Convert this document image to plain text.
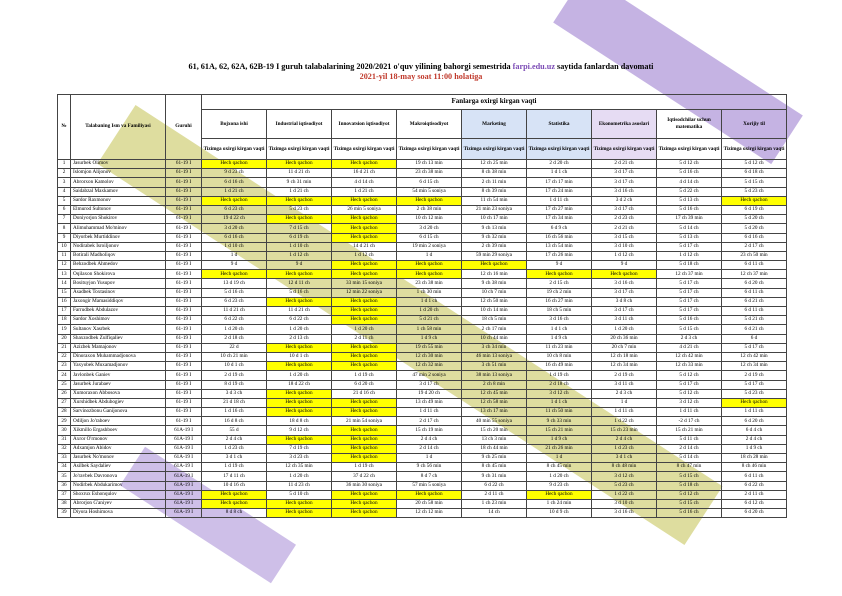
61, 61A, 62, 62A, 62B-19 I guruh talabalarining 2020/2021 o'quv yilining bahorgi semestrida farpi.edu.uz saytida fanlardan davomati
2021-yil 18-may soat 11:00 holatiga
№	Talabaning Ism va Familiyasi	Guruhi	Fanlarga oxirgi kirgan vaqti								
			Bojxona ishi	Industrial iqtisodiyot	Innovatsion iqtisodiyot	Makroiqtisodiyot	Marketing	Statistika	Ekonometrika asoslari	Iqtisodchilar uchun matematika	Xorijiy til
			Tizimga oxirgi kirgan vaqti	Tizimga oxirgi kirgan vaqti	Tizimga oxirgi kirgan vaqti	Tizimga oxirgi kirgan vaqti	Tizimga oxirgi kirgan vaqti	Tizimga oxirgi kirgan vaqti	Tizimga oxirgi kirgan vaqti	Tizimga oxirgi kirgan vaqti	Tizimga oxirgi kirgan vaqti
1	Jasurbek Olimov	61-19 I	Hech qachon	Hech qachon	Hech qachon	19 ch 13 min	12 ch 25 min	2 d 20 ch	2 d 21 ch	5 d 12 ch	5 d 12 ch
2	Islomjon Alijonov	61-19 I	9 d 23 ch	11 d 21 ch	16 d 21 ch	23 ch 38 min	8 ch 38 min	1 d 1 ch	3 d 17 ch	5 d 16 ch	6 d 18 ch
3	Abrorxon Kamolov	61-19 I	6 d 16 ch	9 ch 31 min	4 d 14 ch	6 d 15 ch	2 ch 11 min	17 ch 17 min	3 d 17 ch	4 d 14 ch	5 d 15 ch
4	Saidabzal Maxkamov	61-19 I	1 d 21 ch	1 d 21 ch	1 d 21 ch	54 min 5 soniya	8 ch 39 min	17 ch 24 min	3 d 16 ch	5 d 22 ch	5 d 23 ch
5	Sardor Raxmonov	61-19 I	Hech qachon	Hech qachon	Hech qachon	Hech qachon	11 ch 54 min	1 d 11 ch	3 d 2 ch	5 d 13 ch	Hech qachon
6	Elmurod Sultonov	61-19 I	6 d 23 ch	5 d 23 ch	26 min 5 soniya	2 ch 38 min	21 min 23 soniya	17 ch 27 min	3 d 17 ch	5 d 16 ch	6 d 19 ch
7	Doniyorjon Shokirov	61-19 I	19 d 22 ch	Hech qachon	Hech qachon	10 ch 12 min	10 ch 17 min	17 ch 34 min	2 d 23 ch	17 ch 39 min	5 d 20 ch
8	Alimuhammad Mo'minov	61-19 I	3 d 20 ch	7 d 15 ch	Hech qachon	3 d 20 ch	9 ch 13 min	6 d 9 ch	2 d 21 ch	5 d 14 ch	5 d 20 ch
9	Diyorbek Murtiddinov	61-19 I	6 d 16 ch	6 d 19 ch	Hech qachon	6 d 15 ch	9 ch 32 min	16 ch 56 min	3 d 15 ch	5 d 13 ch	6 d 16 ch
10	Nodirabek Isroiljonov	61-19 I	1 d 10 ch	1 d 10 ch	14 d 21 ch	19 min 2 soniya	2 ch 39 min	13 ch 54 min	3 d 10 ch	5 d 17 ch	2 d 17 ch
11	Botirali Madholiqov	61-19 I	1 d	1 d 12 ch	1 d 12 ch	1 d	59 min 29 soniya	17 ch 26 min	1 d 12 ch	1 d 12 ch	23 ch 50 min
12	Behzodbek Ahmedov	61-19 I	9 d	9 d	Hech qachon	Hech qachon	Hech qachon	9 d	9 d	5 d 18 ch	6 d 11 ch
13	Oqilaxon Shokirova	61-19 I	Hech qachon	Hech qachon	Hech qachon	Hech qachon	12 ch 16 min	Hech qachon	Hech qachon	12 ch 37 min	12 ch 37 min
14	Bosituyjon Yusupov	61-19 I	13 d 19 ch	12 d 11 ch	33 min 15 soniya	23 ch 38 min	9 ch 38 min	2 d 15 ch	3 d 16 ch	5 d 17 ch	6 d 20 ch
15	Asadbek Toxtasinov	61-19 I	5 d 16 ch	5 d 16 ch	12 min 22 soniya	1 ch 30 min	10 ch 7 min	19 ch 2 min	3 d 17 ch	5 d 17 ch	6 d 11 ch
16	Jaxongir Mamasiddiqov	61-19 I	6 d 23 ch	Hech qachon	Hech qachon	1 d 1 ch	12 ch 50 min	16 ch 27 min	3 d 8 ch	5 d 17 ch	6 d 21 ch
17	Farrudbek Abdulazov	61-19 I	11 d 21 ch	11 d 21 ch	Hech qachon	1 d 20 ch	10 ch 14 min	18 ch 5 min	3 d 17 ch	5 d 17 ch	6 d 11 ch
18	Sardor Xoshimov	61-19 I	6 d 22 ch	6 d 22 ch	Hech qachon	5 d 21 ch	18 ch 5 min	3 d 16 ch	3 d 11 ch	5 d 16 ch	5 d 21 ch
19	Sultanov Xasrbek	61-19 I	1 d 20 ch	1 d 20 ch	1 d 20 ch	1 ch 58 min	2 ch 17 min	1 d 1 ch	1 d 20 ch	5 d 15 ch	6 d 21 ch
20	Shaxzodbek Zulfiqaliev	61-19 I	2 d 18 ch	2 d 13 ch	2 d 11 ch	1 d 9 ch	10 ch 44 min	1 d 9 ch	20 ch 36 min	2 d 3 ch	6 d
21	Azizbek Mamajonov	61-19 I	22 d	Hech qachon	Hech qachon	19 ch 55 min	3 ch 34 min	11 ch 23 min	20 ch 7 min	4 d 21 ch	5 d 17 ch
22	Dinoraxon Muhammadjonova	61-19 I	10 ch 21 min	10 d 1 ch	Hech qachon	12 ch 30 min	46 min 13 soniya	10 ch 8 min	12 ch 18 min	12 ch 42 min	12 ch 42 min
23	Yaxyobek Muxamadjonov	61-19 I	10 d 1 ch	Hech qachon	Hech qachon	12 ch 32 min	3 ch 51 min	16 ch 49 min	12 ch 34 min	12 ch 33 min	12 ch 34 min
24	Javlonbek Ganiev	61-19 I	2 d 19 ch	1 d 20 ch	1 d 19 ch	47 min 2 soniya	38 min 13 soniya	1 d 19 ch	2 d 19 ch	5 d 12 ch	2 d 19 ch
25	Jasurbek Jurabaev	61-19 I	8 d 19 ch	18 d 22 ch	6 d 20 ch	3 d 17 ch	2 ch 8 min	2 d 18 ch	3 d 11 ch	5 d 17 ch	5 d 17 ch
26	Xumoraxon Abbosova	61-19 I	3 d 3 ch	Hech qachon	21 d 16 ch	19 d 20 ch	12 ch 45 min	3 d 12 ch	2 d 3 ch	5 d 12 ch	5 d 23 ch
27	Xurshidbek Abdubogiev	61-19 I	21 d 18 ch	Hech qachon	Hech qachon	13 ch 49 min	12 ch 58 min	1 d 1 ch	1 d	3 d 12 ch	Hech qachon
28	Sarvinozbonu Ganijonova	61-19 I	1 d 16 ch	Hech qachon	Hech qachon	1 d 11 ch	13 ch 17 min	11 ch 50 min	1 d 11 ch	1 d 11 ch	1 d 11 ch
29	Odiljon Jo'raboev	61-19 I	16 d 8 ch	18 d 8 ch	21 min 54 soniya	2 d 17 ch	40 min 55 soniya	9 ch 33 min	1 d 22 ch	-2 d 17 ch	6 d 20 ch
30	Xikmillo Ergashboev	61A-19 I	55 d	9 d 12 ch	Hech qachon	15 ch 19 min	15 ch 20 min	15 ch 21 min	15 ch 23 min	15 ch 21 min	6 d 4 ch
31	Axror O'rmonov	61A-19 I	2 d 4 ch	Hech qachon	Hech qachon	2 d 4 ch	13 ch 3 min	1 d 9 ch	2 d 4 ch	5 d 11 ch	2 d 4 ch
32	Adxamjon Abidov	61A-19 I	1 d 23 ch	7 d 19 ch	Hech qachon	2 d 14 ch	18 ch 44 min	21 ch 26 min	1 d 23 ch	2 d 14 ch	1 d 9 ch
33	Jasurbek No'monov	61A-19 I	3 d 1 ch	3 d 23 ch	Hech qachon	1 d	9 ch 25 min	1 d	3 d 1 ch	5 d 14 ch	18 ch 28 min
34	Asilbek Saydaliev	61A-19 I	1 d 19 ch	12 ch 35 min	1 d 19 ch	9 ch 56 min	8 ch 45 min	8 ch 45 min	8 ch 48 min	8 ch 47 min	8 ch 46 min
35	Jo'ravbek Davronova	61A-19 I	17 d 11 ch	1 d 20 ch	37 d 22 ch	8 d 7 ch	9 ch 31 min	1 d 20 ch	3 d 12 ch	5 d 15 ch	6 d 11 ch
36	Nodirbek Abdukarimov	61A-19 I	10 d 16 ch	11 d 23 ch	36 min 30 soniya	57 min 5 soniya	6 d 22 ch	9 d 23 ch	5 d 23 ch	5 d 18 ch	6 d 22 ch
37	Shoxrux Eshonqulov	61A-19 I	Hech qachon	5 d 10 ch	Hech qachon	Hech qachon	2 d 11 ch	Hech qachon	1 d 22 ch	5 d 12 ch	2 d 11 ch
38	Abrorjon G'aniyev	61A-19 I	Hech qachon	Hech qachon	Hech qachon	20 ch 58 min	1 ch 23 min	1 ch 24 min	3 d 10 ch	5 d 15 ch	6 d 12 ch
39	Diyora Hoshimova	61A-19 I	8 d 8 ch	Hech qachon	Hech qachon	12 ch 12 min	14 ch	10 d 9 ch	3 d 16 ch	5 d 16 ch	6 d 20 ch
